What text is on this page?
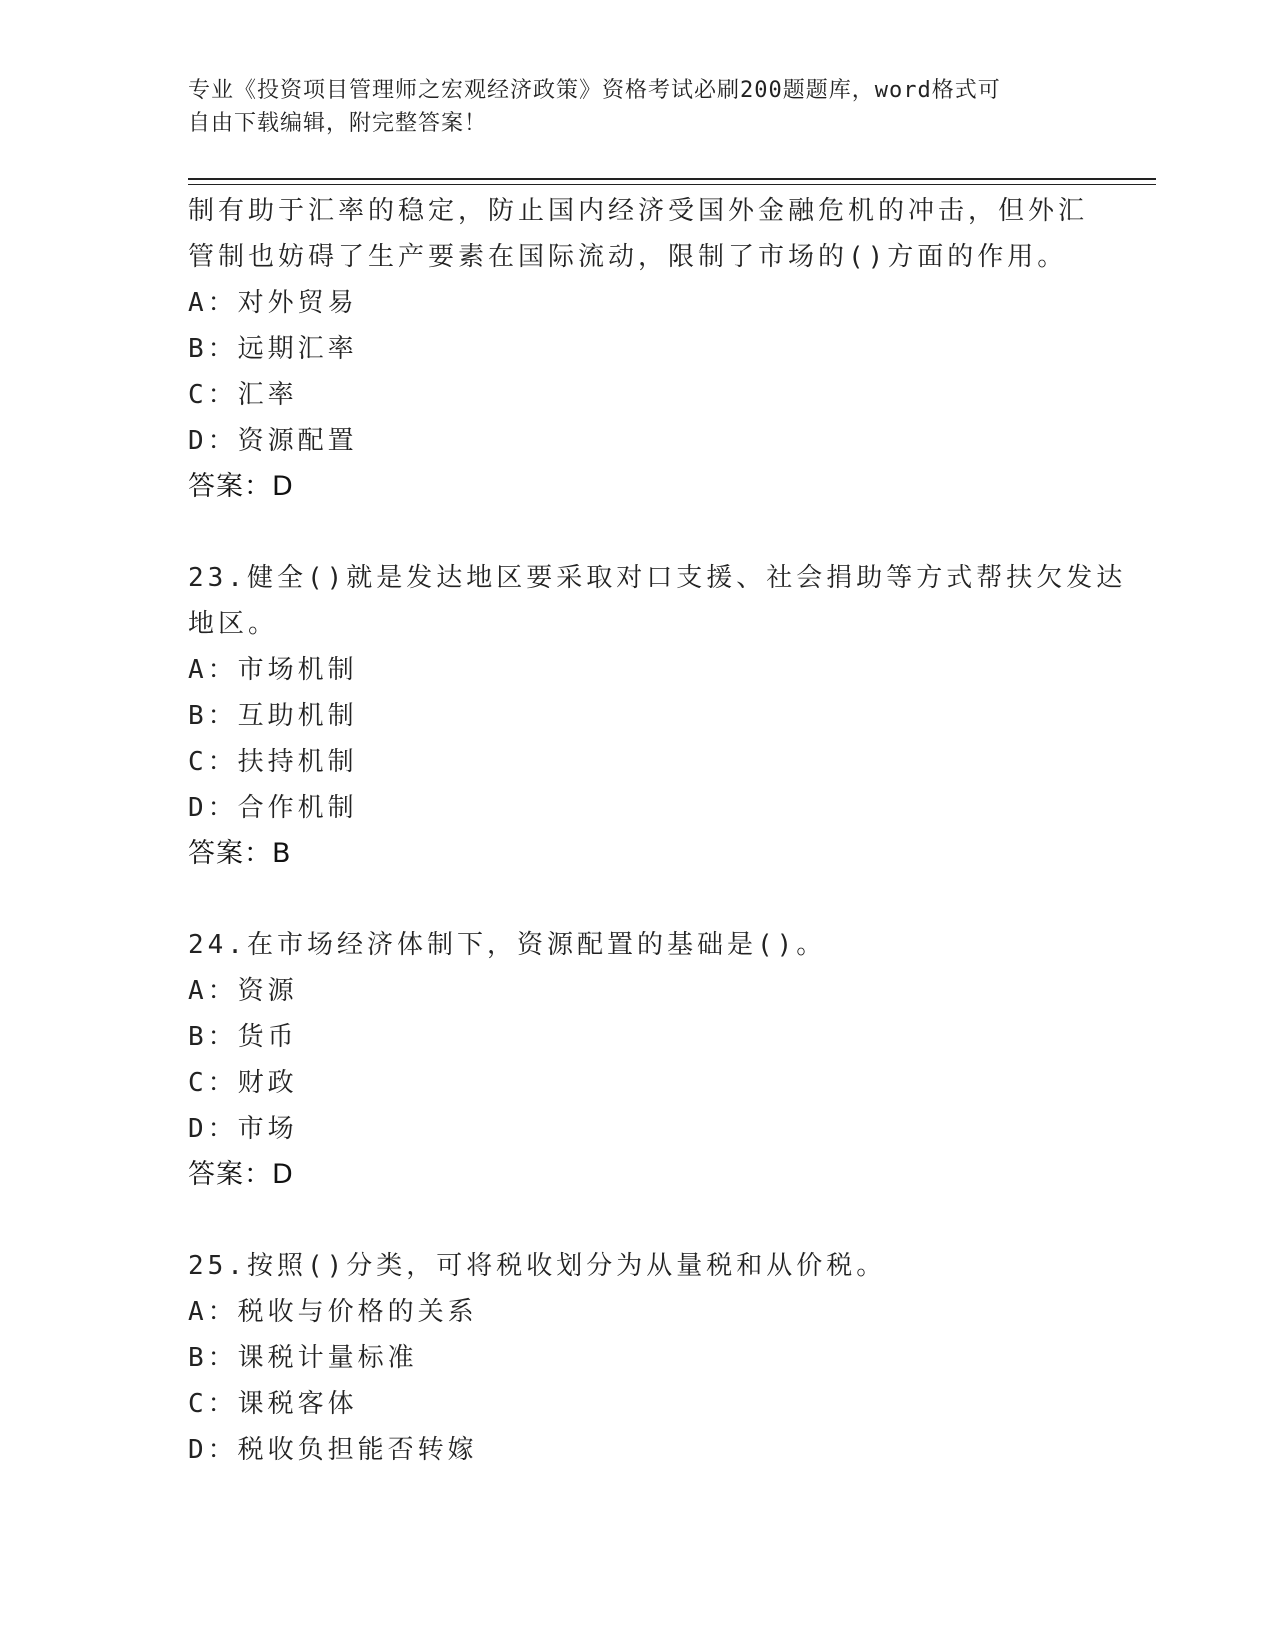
专业《投资项目管理师之宏观经济政策》资格考试必刷200题题库，word格式可
自由下载编辑，附完整答案！
制有助于汇率的稳定，防止国内经济受国外金融危机的冲击，但外汇
管制也妨碍了生产要素在国际流动，限制了市场的()方面的作用。
A：对外贸易
B：远期汇率
C：汇率
D：资源配置
答案：D
23.健全()就是发达地区要采取对口支援、社会捐助等方式帮扶欠发达
地区。
A：市场机制
B：互助机制
C：扶持机制
D：合作机制
答案：B
24.在市场经济体制下，资源配置的基础是()。
A：资源
B：货币
C：财政
D：市场
答案：D
25.按照()分类，可将税收划分为从量税和从价税。
A：税收与价格的关系
B：课税计量标准
C：课税客体
D：税收负担能否转嫁
